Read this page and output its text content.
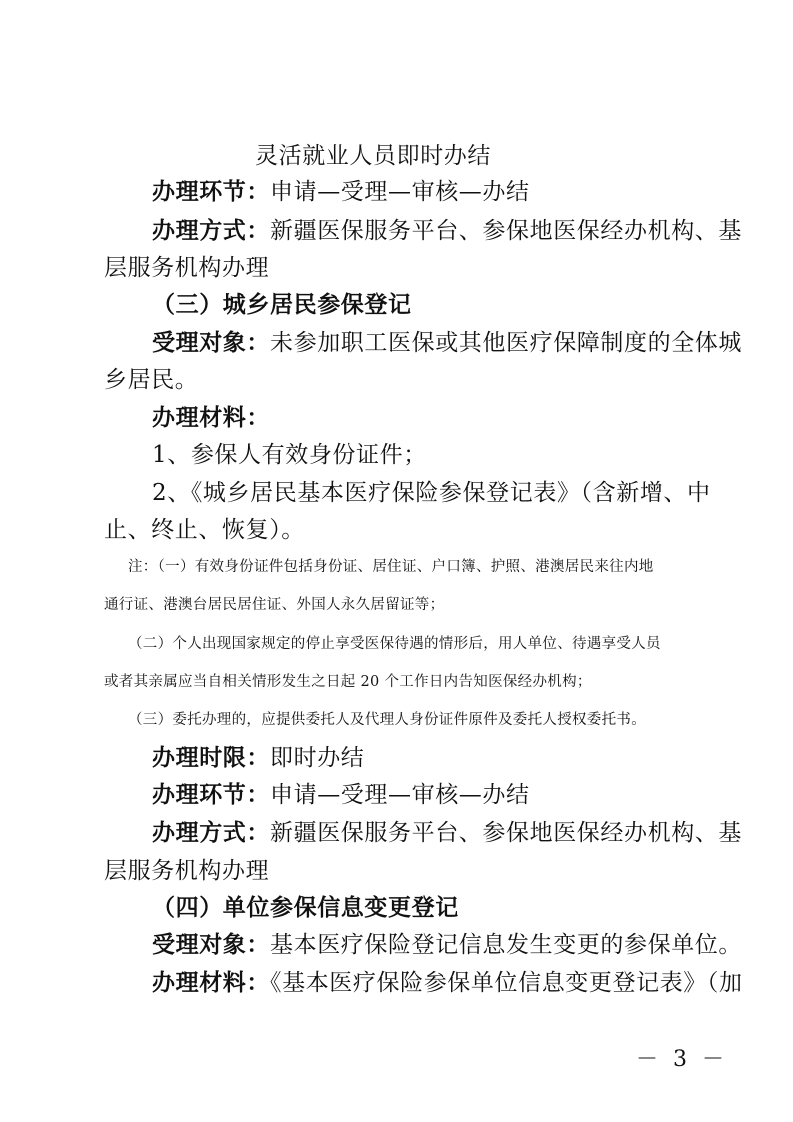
灵活就业人员即时办结
办理环节：申请—受理—审核—办结
办理方式：新疆医保服务平台、参保地医保经办机构、基
层服务机构办理
（三）城乡居民参保登记
受理对象：未参加职工医保或其他医疗保障制度的全体城
乡居民。
办理材料：
1、参保人有效身份证件；
2、《城乡居民基本医疗保险参保登记表》（含新增、中
止、终止、恢复）。
注：（一）有效身份证件包括身份证、居住证、户口簿、护照、港澳居民来往内地
通行证、港澳台居民居住证、外国人永久居留证等；
（二）个人出现国家规定的停止享受医保待遇的情形后，用人单位、待遇享受人员
或者其亲属应当自相关情形发生之日起 20 个工作日内告知医保经办机构；
（三）委托办理的，应提供委托人及代理人身份证件原件及委托人授权委托书。
办理时限：即时办结
办理环节：申请—受理—审核—办结
办理方式：新疆医保服务平台、参保地医保经办机构、基
层服务机构办理
（四）单位参保信息变更登记
受理对象：基本医疗保险登记信息发生变更的参保单位。
办理材料：《基本医疗保险参保单位信息变更登记表》（加
－ 3 －
